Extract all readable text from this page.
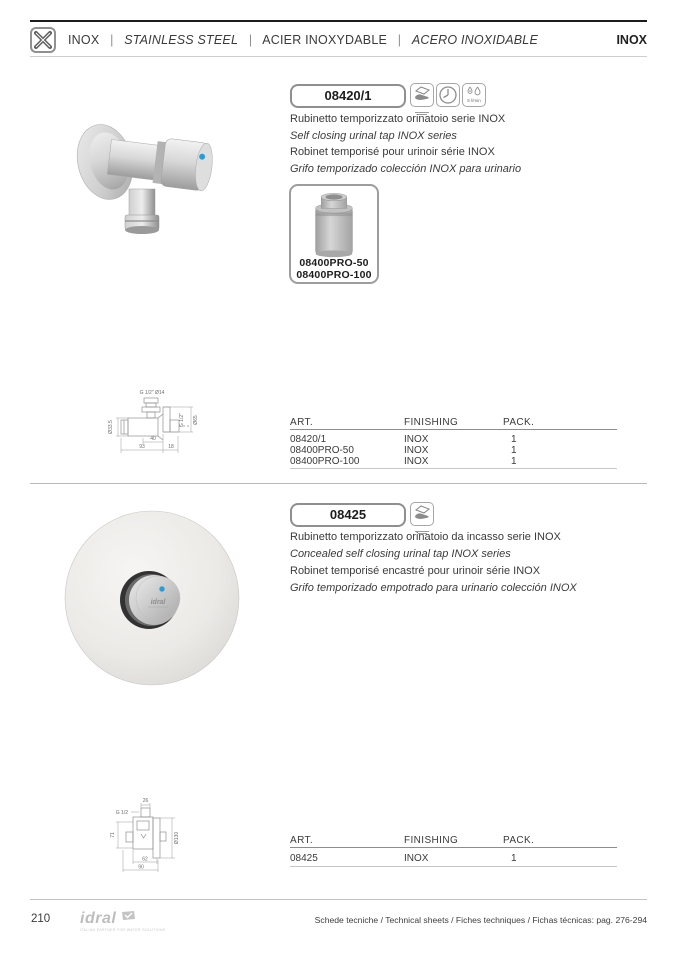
INOX | STAINLESS STEEL | ACIER INOXYDABLE | ACERO INOXIDABLE	INOX
08420/1	5 l/min
Rubinetto temporizzato orinatoio serie INOX
Self closing urinal tap INOX series
Robinet temporisé pour urinoir série INOX
Grifo temporizado colección INOX para urinario
08400PRO-50
08400PRO-100
G 1/2" Ø14
Ø33.5	G 1/2" Ø65
40
93	18
ART.	FINISHING	PACK.
08420/1	INOX	1
08400PRO-50	INOX	1
08400PRO-100	INOX	1
idral
08425
Rubinetto temporizzato orinatoio da incasso serie INOX
Concealed self closing urinal tap INOX series
Robinet temporisé encastré pour urinoir série INOX
Grifo temporizado empotrado para urinario colección INOX
26
G 1/2
71	Ø130
62
90
ART.	FINISHING	PACK.
08425	INOX	1
210 idral
ITALIAN PARTNER FOR WATER SOLUTIONS
Schede tecniche / Technical sheets / Fiches techniques / Fichas técnicas: pag. 276-294
